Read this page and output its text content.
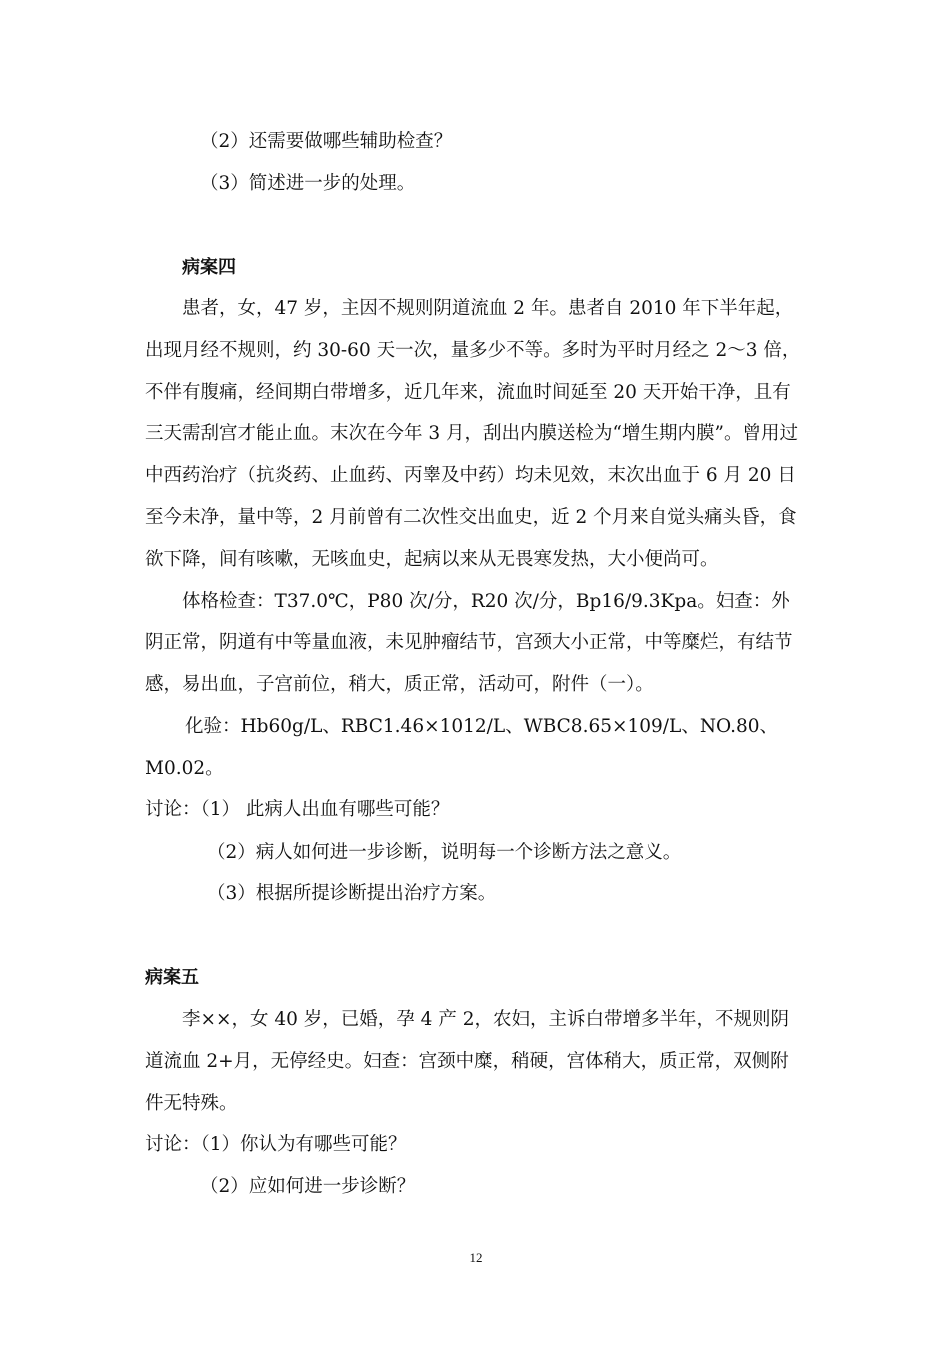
（2）还需要做哪些辅助检查？
（3）简述进一步的处理。
病案四
患者，女，47 岁，主因不规则阴道流血 2 年。患者自 2010 年下半年起，
出现月经不规则，约 30-60 天一次，量多少不等。多时为平时月经之 2～3 倍，
不伴有腹痛，经间期白带增多，近几年来，流血时间延至 20 天开始干净，且有
三天需刮宫才能止血。末次在今年 3 月，刮出内膜送检为“增生期内膜”。曾用过
中西药治疗（抗炎药、止血药、丙睾及中药）均未见效，末次出血于 6 月 20 日
至今未净，量中等，2 月前曾有二次性交出血史，近 2 个月来自觉头痛头昏，食
欲下降，间有咳嗽，无咳血史，起病以来从无畏寒发热，大小便尚可。
体格检查：T37.0℃，P80 次/分，R20 次/分，Bp16/9.3Kpa。妇查：外
阴正常，阴道有中等量血液，未见肿瘤结节，宫颈大小正常，中等糜烂，有结节
感，易出血，子宫前位，稍大，质正常，活动可，附件（一）。
化验：Hb60g/L、RBC1.46×1012/L、WBC8.65×109/L、NO.80、
M0.02。
讨论：（1） 此病人出血有哪些可能？
（2）病人如何进一步诊断，说明每一个诊断方法之意义。
（3）根据所提诊断提出治疗方案。
病案五
李××，女 40 岁，已婚，孕 4 产 2，农妇，主诉白带增多半年，不规则阴
道流血 2+月，无停经史。妇查：宫颈中糜，稍硬，宫体稍大，质正常，双侧附
件无特殊。
讨论：（1）你认为有哪些可能？
（2）应如何进一步诊断？
12
